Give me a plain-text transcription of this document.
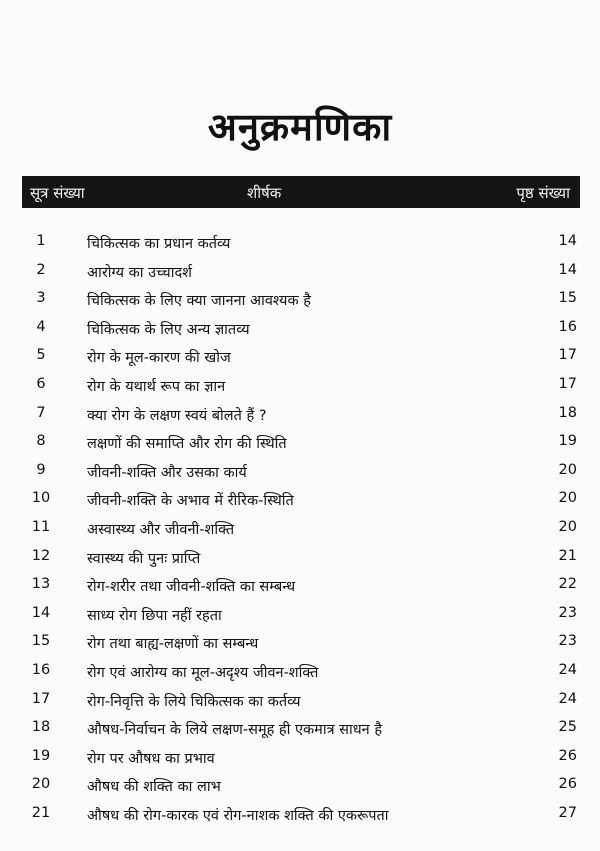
अनुक्रमणिका
सूत्र संख्या	शीर्षक	पृष्ठ संख्या
1	चिकित्सक का प्रधान कर्तव्य	14
2	आरोग्य का उच्चादर्श	14
3	चिकित्सक के लिए क्या जानना आवश्यक है	15
4	चिकित्सक के लिए अन्य ज्ञातव्य	16
5	रोग के मूल-कारण की खोज	17
6	रोग के यथार्थ रूप का ज्ञान	17
7	क्या रोग के लक्षण स्वयं बोलते हैं ?	18
8	लक्षणों की समाप्ति और रोग की स्थिति	19
9	जीवनी-शक्ति और उसका कार्य	20
10	जीवनी-शक्ति के अभाव में रीरिक-स्थिति	20
11	अस्वास्थ्य और जीवनी-शक्ति	20
12	स्वास्थ्य की पुनः प्राप्ति	21
13	रोग-शरीर तथा जीवनी-शक्ति का सम्बन्ध	22
14	साध्य रोग छिपा नहीं रहता	23
15	रोग तथा बाह्य-लक्षणों का सम्बन्ध	23
16	रोग एवं आरोग्य का मूल-अदृश्य जीवन-शक्ति	24
17	रोग-निवृत्ति के लिये चिकित्सक का कर्तव्य	24
18	औषध-निर्वाचन के लिये लक्षण-समूह ही एकमात्र साधन है	25
19	रोग पर औषध का प्रभाव	26
20	औषध की शक्ति का लाभ	26
21	औषध की रोग-कारक एवं रोग-नाशक शक्ति की एकरूपता	27
